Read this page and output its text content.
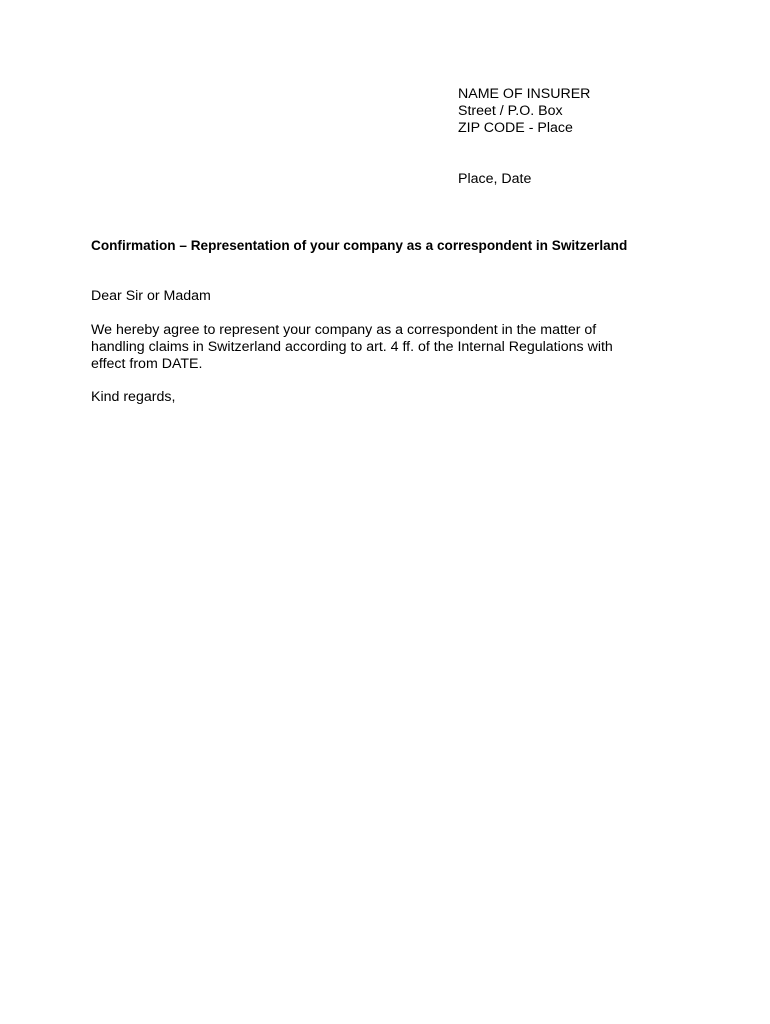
NAME OF INSURER
Street / P.O. Box
ZIP CODE - Place
Place, Date
Confirmation – Representation of your company as a correspondent in Switzerland
Dear Sir or Madam
We hereby agree to represent your company as a correspondent in the matter of
handling claims in Switzerland according to art. 4 ff. of the Internal Regulations with
effect from DATE.
Kind regards,
